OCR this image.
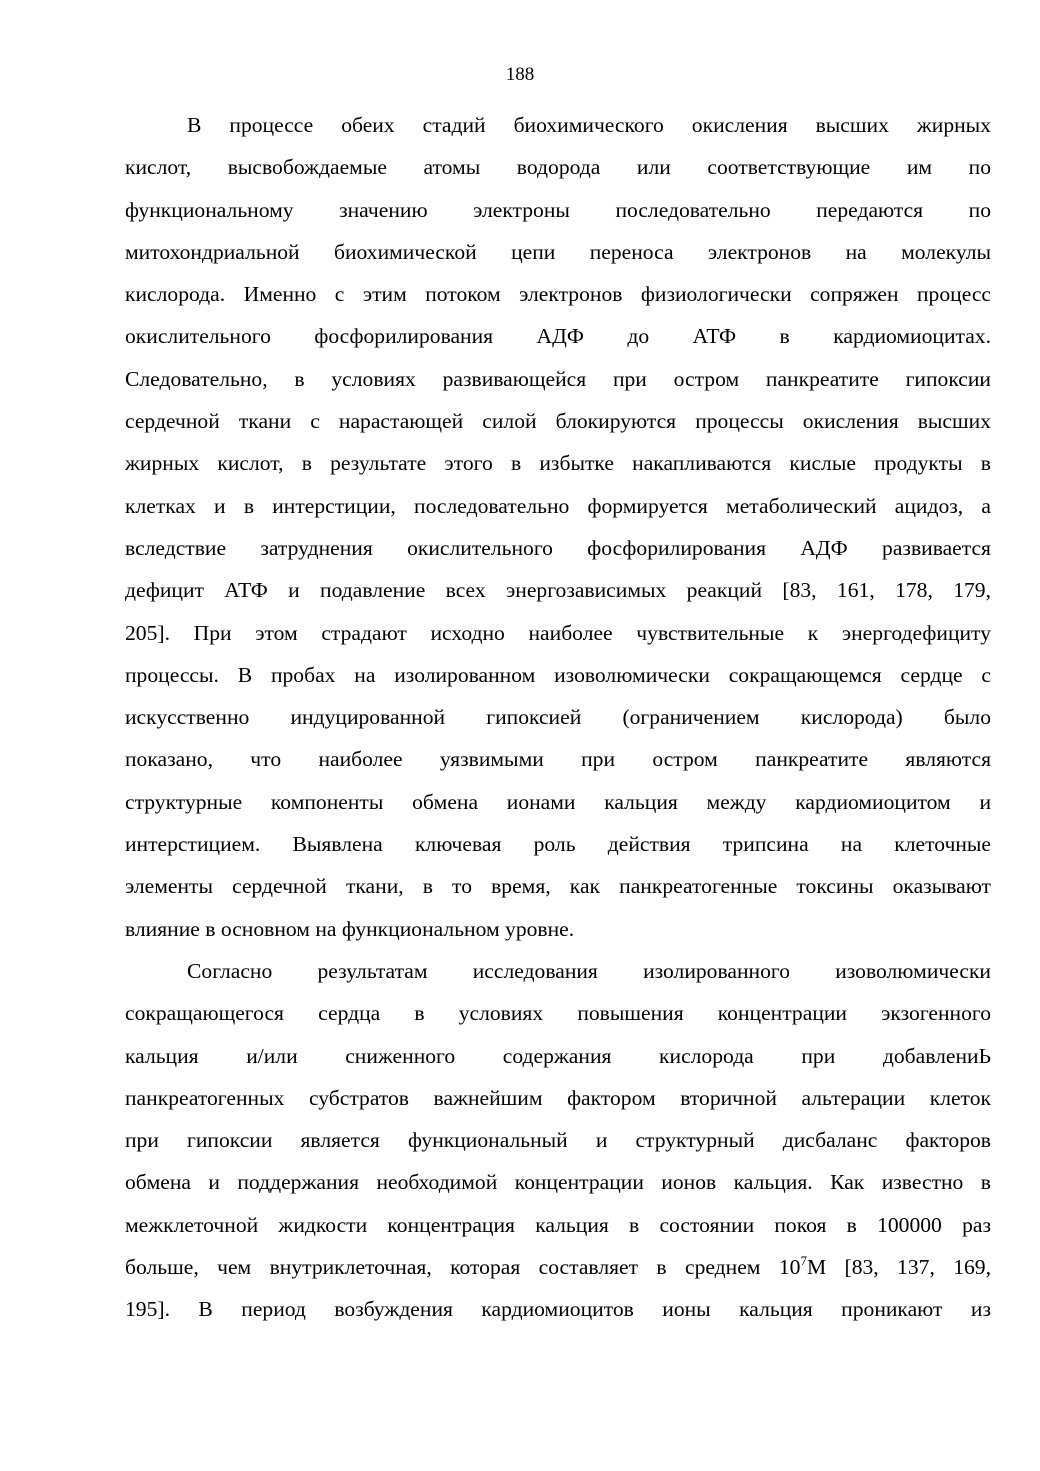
188
В процессе обеих стадий биохимического окисления высших жирных
кислот, высвобождаемые атомы водорода или соответствующие им по
функциональному значению электроны последовательно передаются по
митохондриальной биохимической цепи переноса электронов на молекулы
кислорода. Именно с этим потоком электронов физиологически сопряжен процесс
окислительного фосфорилирования АДФ до АТФ в кардиомиоцитах.
Следовательно, в условиях развивающейся при остром панкреатите гипоксии
сердечной ткани с нарастающей силой блокируются процессы окисления высших
жирных кислот, в результате этого в избытке накапливаются кислые продукты в
клетках и в интерстиции, последовательно формируется метаболический ацидоз, а
вследствие затруднения окислительного фосфорилирования АДФ развивается
дефицит АТФ и подавление всех энергозависимых реакций [83, 161, 178, 179,
205]. При этом страдают исходно наиболее чувствительные к энергодефициту
процессы. В пробах на изолированном изоволюмически сокращающемся сердце с
искусственно индуцированной гипоксией (ограничением кислорода) было
показано, что наиболее уязвимыми при остром панкреатите являются
структурные компоненты обмена ионами кальция между кардиомиоцитом и
интерстицием. Выявлена ключевая роль действия трипсина на клеточные
элементы сердечной ткани, в то время, как панкреатогенные токсины оказывают
влияние в основном на функциональном уровне.
Согласно результатам исследования изолированного изоволюмически
сокращающегося сердца в условиях повышения концентрации экзогенного
кальция и/или сниженного содержания кислорода при добавлениЬ
панкреатогенных субстратов важнейшим фактором вторичной альтерации клеток
при гипоксии является функциональный и структурный дисбаланс факторов
обмена и поддержания необходимой концентрации ионов кальция. Как известно в
межклеточной жидкости концентрация кальция в состоянии покоя в 100000 раз
больше, чем внутриклеточная, которая составляет в среднем $10^7M$ [83, 137, 169,
195]. В период возбуждения кардиомиоцитов ионы кальция проникают из
